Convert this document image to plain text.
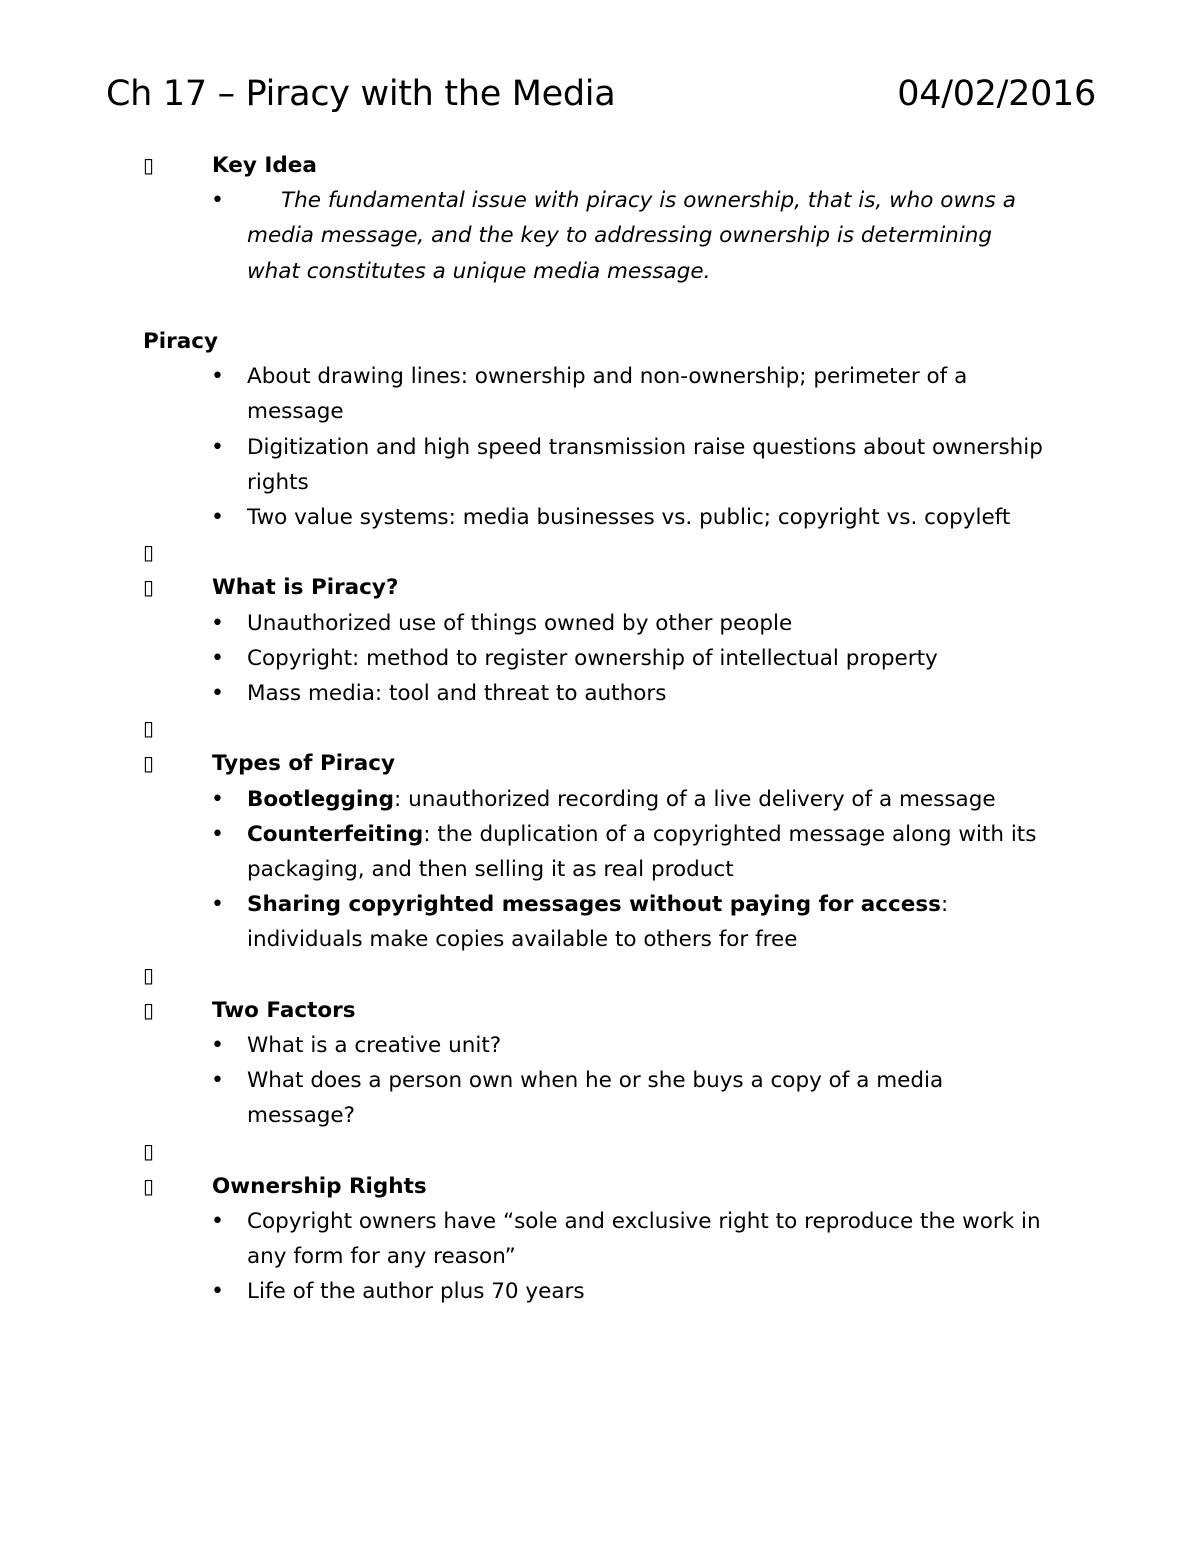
Ch 17 – Piracy with the Media	04/02/2016
▯	Key Idea
•	The fundamental issue with piracy is ownership, that is, who owns a media message, and the key to addressing ownership is determining what constitutes a unique media message.
Piracy
• About drawing lines: ownership and non-ownership; perimeter of a message
• Digitization and high speed transmission raise questions about ownership rights
• Two value systems: media businesses vs. public; copyright vs. copyleft
▯
▯	What is Piracy?
• Unauthorized use of things owned by other people
• Copyright: method to register ownership of intellectual property
• Mass media: tool and threat to authors
▯
▯	Types of Piracy
• Bootlegging: unauthorized recording of a live delivery of a message
• Counterfeiting: the duplication of a copyrighted message along with its packaging, and then selling it as real product
• Sharing copyrighted messages without paying for access: individuals make copies available to others for free
▯
▯	Two Factors
• What is a creative unit?
• What does a person own when he or she buys a copy of a media message?
▯
▯	Ownership Rights
• Copyright owners have “sole and exclusive right to reproduce the work in any form for any reason”
• Life of the author plus 70 years
